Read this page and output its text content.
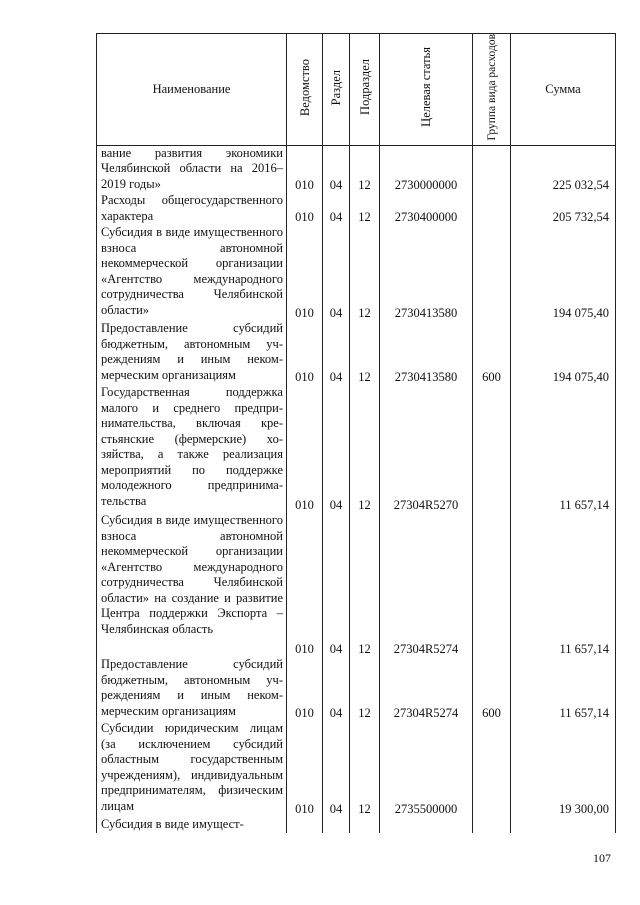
Наименование	Ведомство	Раздел	Подраздел	Целевая статья	Группа вида расходов	Сумма
вание развития экономики Челябинской области на 2016–2019 годы»	010	04	12	2730000000		225 032,54
Расходы общегосударственного характера	010	04	12	2730400000		205 732,54
Субсидия в виде имущественного взноса автономной некоммерческой организации «Агентство международного сотрудничества Челябинской области»	010	04	12	2730413580		194 075,40
Предоставление субсидий бюджетным, автономным учреждениям и иным некоммерческим организациям	010	04	12	2730413580	600	194 075,40
Государственная поддержка малого и среднего предпринимательства, включая крестьянские (фермерские) хозяйства, а также реализация мероприятий по поддержке молодежного предпринимательства	010	04	12	27304R5270		11 657,14
Субсидия в виде имущественного взноса автономной некоммерческой организации «Агентство международного сотрудничества Челябинской области» на создание и развитие Центра поддержки Экспорта – Челябинская область	010	04	12	27304R5274		11 657,14
Предоставление субсидий бюджетным, автономным учреждениям и иным некоммерческим организациям	010	04	12	27304R5274	600	11 657,14
Субсидии юридическим лицам (за исключением субсидий областным государственным учреждениям), индивидуальным предпринимателям, физическим лицам	010	04	12	2735500000		19 300,00
Субсидия в виде имущест-						
107
